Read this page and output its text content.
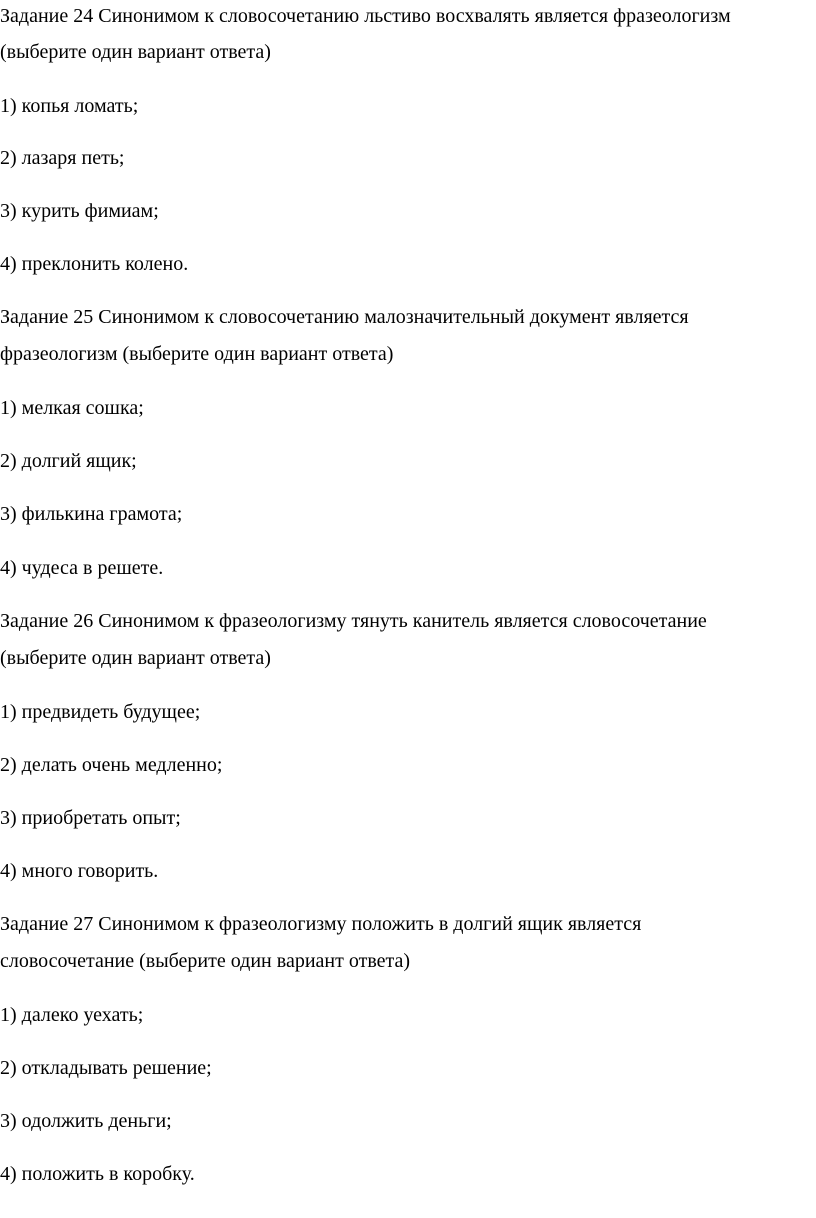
Задание 24 Синонимом к словосочетанию льстиво восхвалять является фразеологизм
(выберите один вариант ответа)
1) копья ломать;
2) лазаря петь;
3) курить фимиам;
4) преклонить колено.
Задание 25 Синонимом к словосочетанию малозначительный документ является
фразеологизм (выберите один вариант ответа)
1) мелкая сошка;
2) долгий ящик;
3) филькина грамота;
4) чудеса в решете.
Задание 26 Синонимом к фразеологизму тянуть канитель является словосочетание
(выберите один вариант ответа)
1) предвидеть будущее;
2) делать очень медленно;
3) приобретать опыт;
4) много говорить.
Задание 27 Синонимом к фразеологизму положить в долгий ящик является
словосочетание (выберите один вариант ответа)
1) далеко уехать;
2) откладывать решение;
3) одолжить деньги;
4) положить в коробку.
